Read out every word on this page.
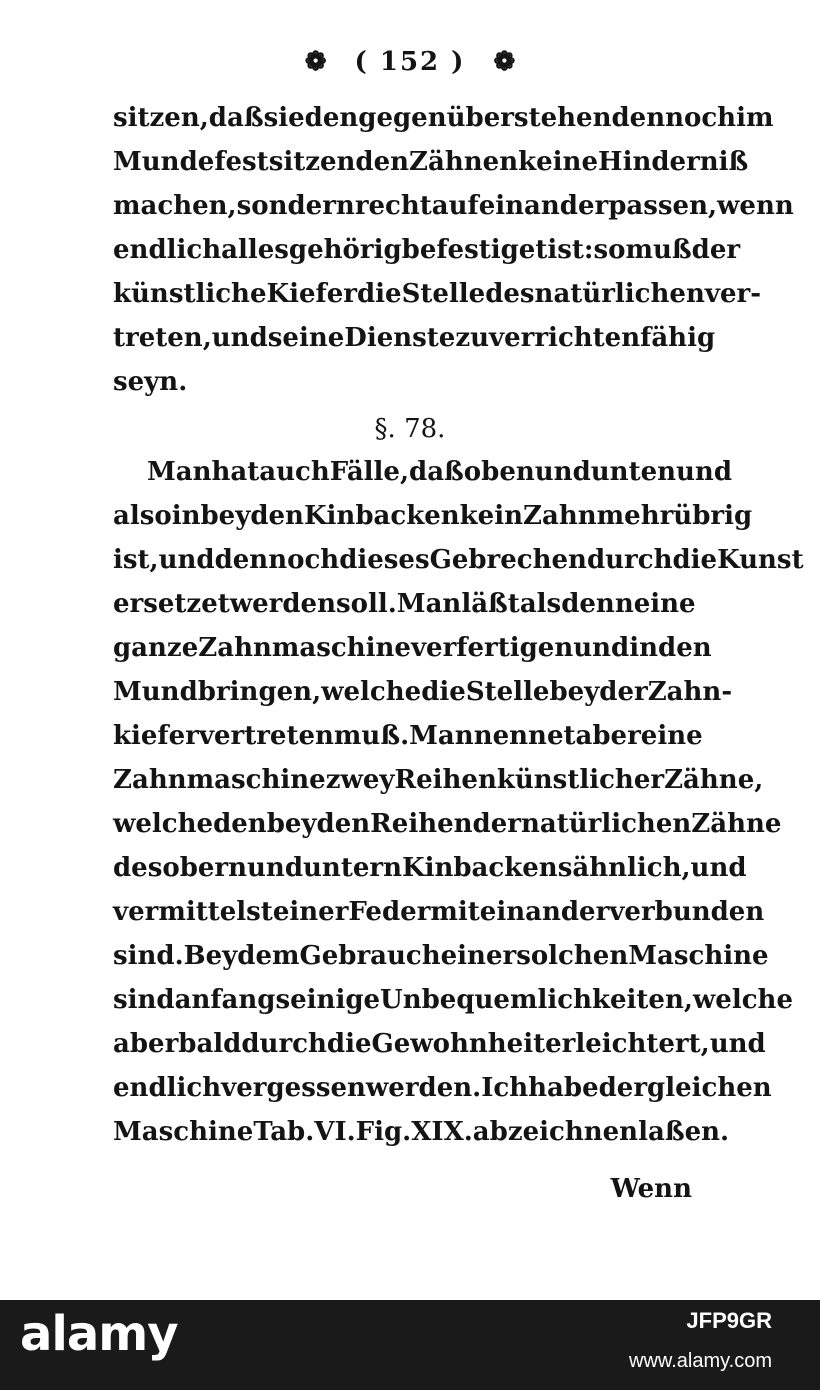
❁ ( 152 ) ❁
sitzen, daß sie den gegenüberstehenden noch im
Munde fest sitzenden Zähnen keine Hinderniß
machen, sondern recht auf einander passen, wenn
endlich alles gehörig befestiget ist: so muß der
künstliche Kiefer die Stelle des natürlichen ver-
treten, und seine Dienste zu verrichten fähig
seyn.
§. 78.
Man hat auch Fälle, daß oben und unten und
also in beyden Kinbacken kein Zahn mehr übrig
ist, und dennoch dieses Gebrechen durch die Kunst
ersetzet werden soll. Man läßt alsdenn eine
ganze Zahnmaschine verfertigen und in den
Mund bringen, welche die Stelle beyder Zahn-
kiefer vertreten muß. Man nennet aber eine
Zahnmaschine zwey Reihen künstlicher Zähne,
welche den beyden Reihen der natürlichen Zähne
des obern und untern Kinbackens ähnlich, und
vermittelst einer Feder mit einander verbunden
sind. Bey dem Gebrauch einer solchen Maschine
sind anfangs einige Unbequemlichkeiten, welche
aber bald durch die Gewohnheit erleichtert, und
endlich vergessen werden. Ich habe dergleichen
Maschine Tab. VI. Fig. XIX. abzeichnen laßen.
Wenn
alamy	JFP9GR
www.alamy.com
